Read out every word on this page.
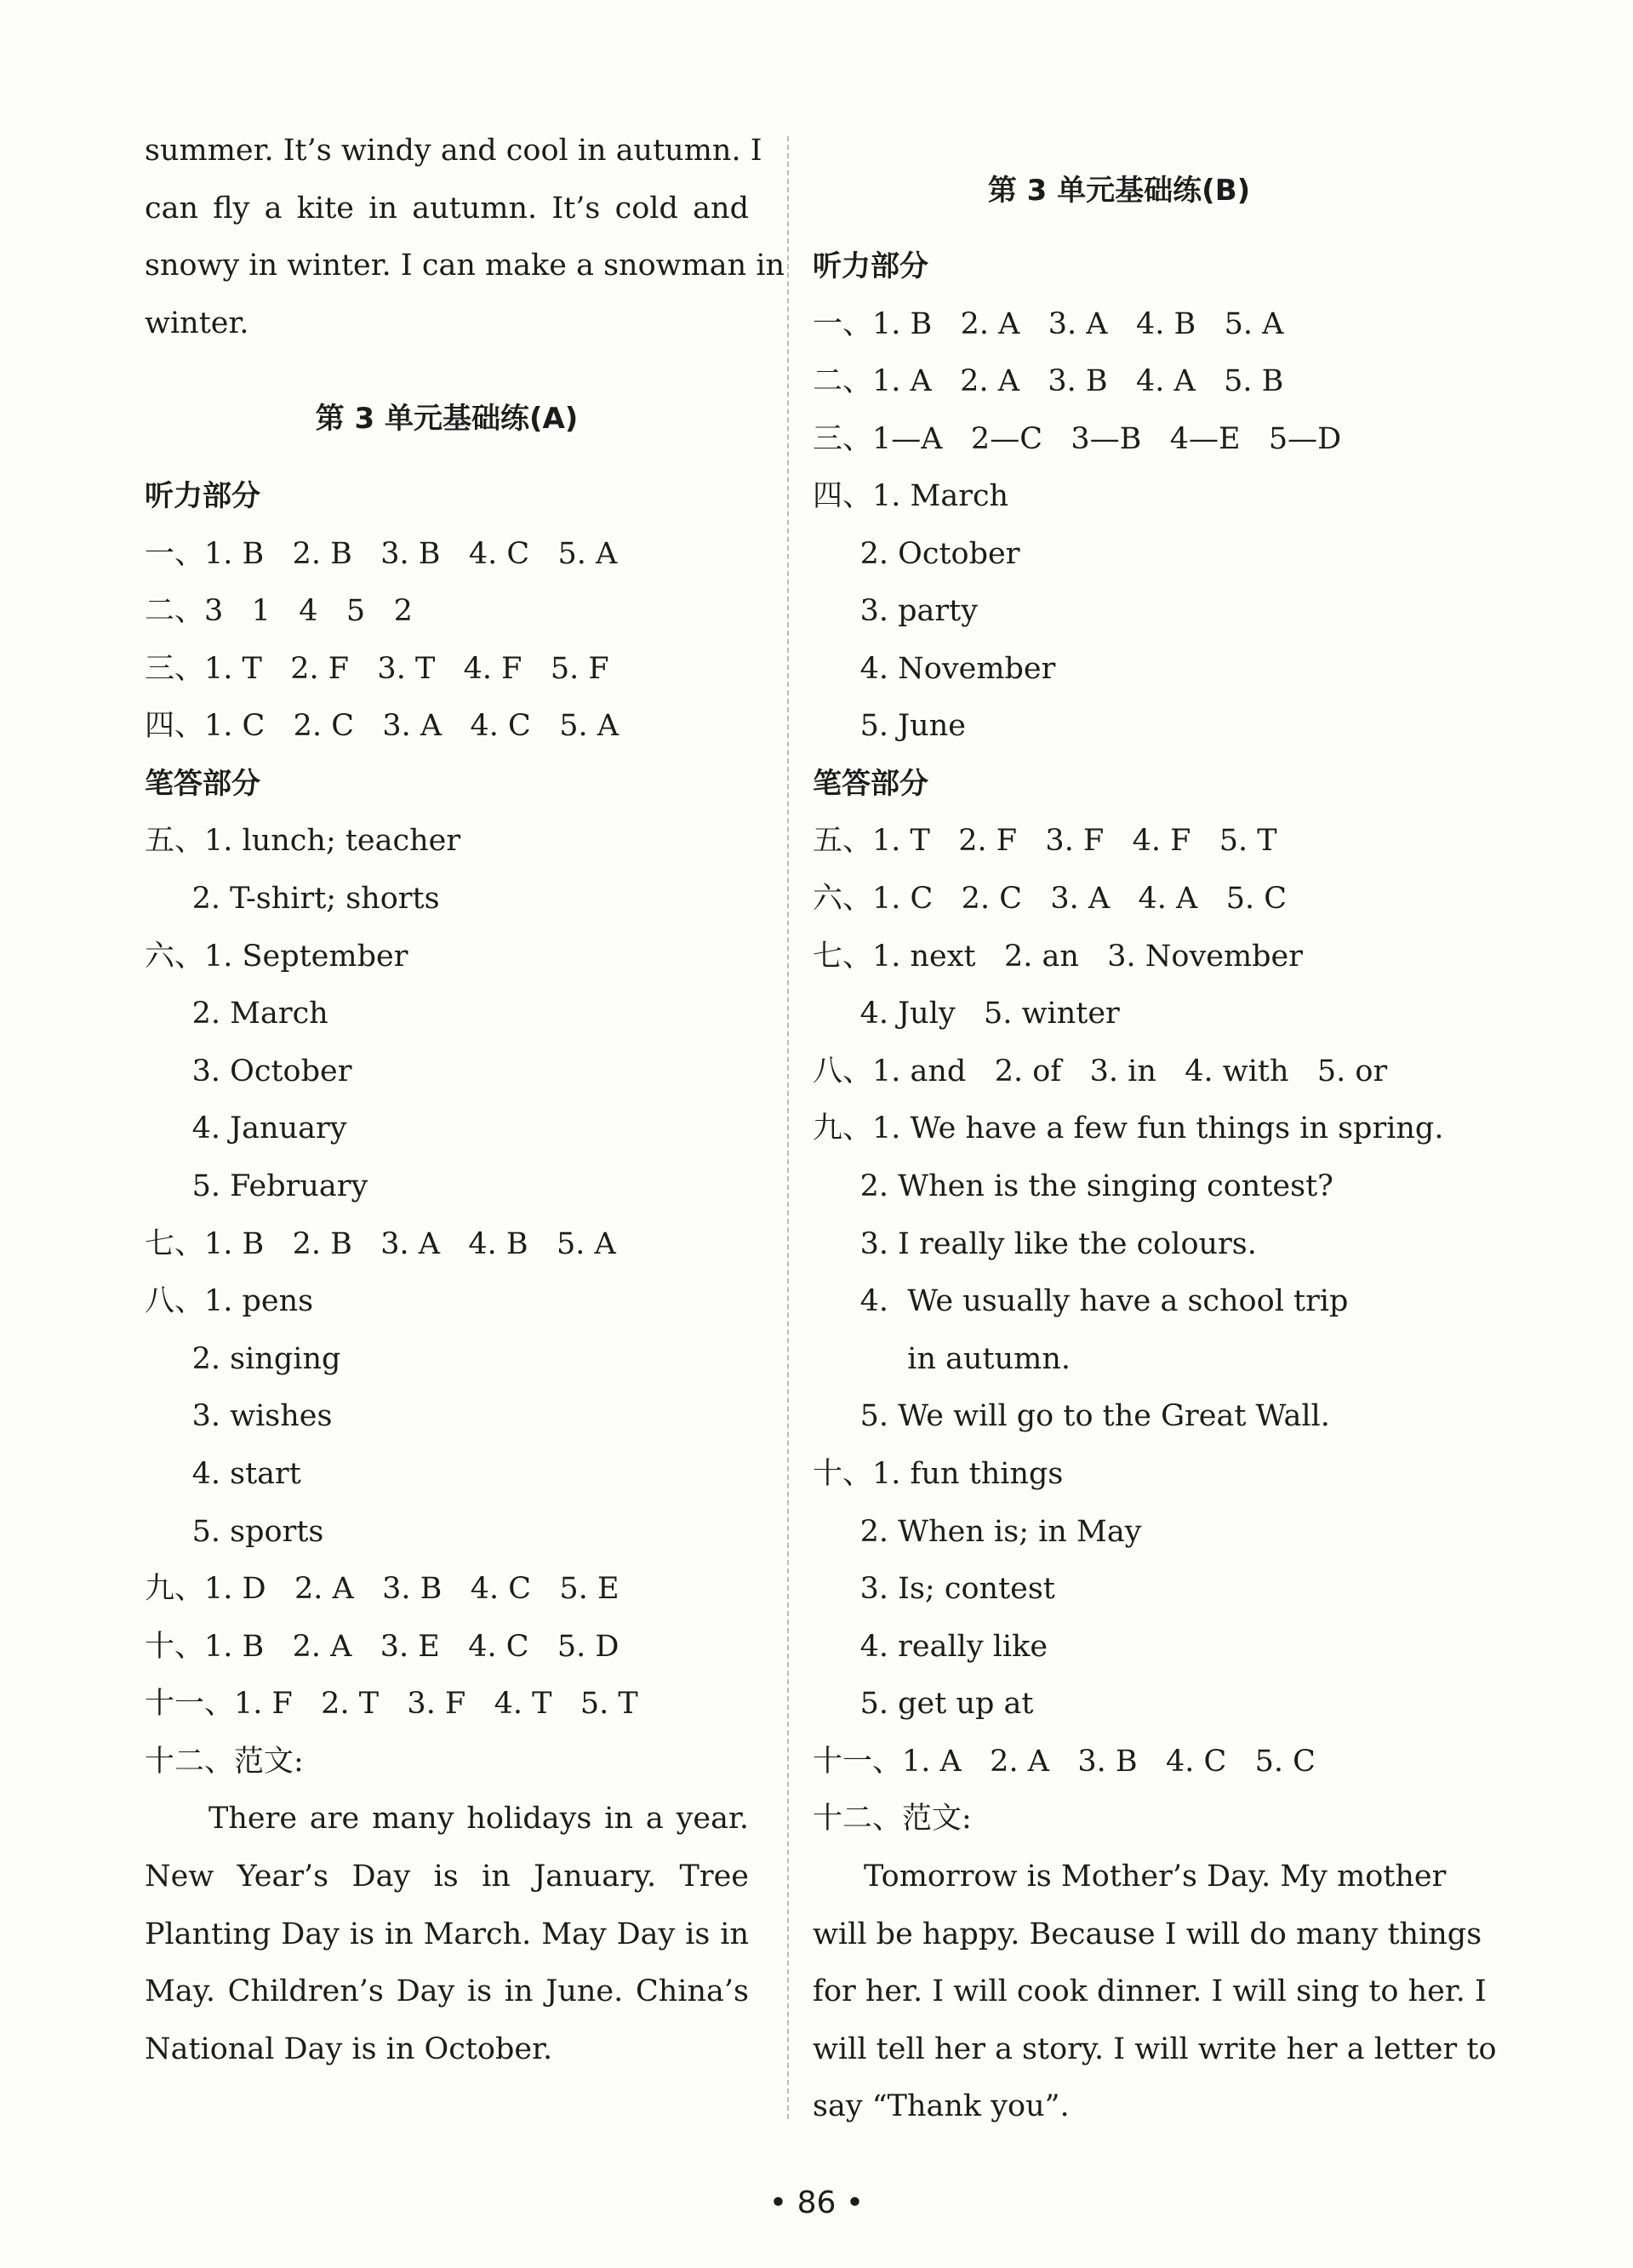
summer. It’s windy and cool in autumn. I
can fly a kite in autumn. It’s cold and
snowy in winter. I can make a snowman in
winter.
第 3 单元基础练(A)
听力部分
一、1. B   2. B   3. B   4. C   5. A
二、3   1   4   5   2
三、1. T   2. F   3. T   4. F   5. F
四、1. C   2. C   3. A   4. C   5. A
笔答部分
五、1. lunch; teacher
2. T-shirt; shorts
六、1. September
2. March
3. October
4. January
5. February
七、1. B   2. B   3. A   4. B   5. A
八、1. pens
2. singing
3. wishes
4. start
5. sports
九、1. D   2. A   3. B   4. C   5. E
十、1. B   2. A   3. E   4. C   5. D
十一、1. F   2. T   3. F   4. T   5. T
十二、范文:
There are many holidays in a year.
New Year’s Day is in January. Tree
Planting Day is in March. May Day is in
May. Children’s Day is in June. China’s
National Day is in October.
第 3 单元基础练(B)
听力部分
一、1. B   2. A   3. A   4. B   5. A
二、1. A   2. A   3. B   4. A   5. B
三、1—A   2—C   3—B   4—E   5—D
四、1. March
2. October
3. party
4. November
5. June
笔答部分
五、1. T   2. F   3. F   4. F   5. T
六、1. C   2. C   3. A   4. A   5. C
七、1. next   2. an   3. November
4. July   5. winter
八、1. and   2. of   3. in   4. with   5. or
九、1. We have a few fun things in spring.
2. When is the singing contest?
3. I really like the colours.
4.  We usually have a school trip
in autumn.
5. We will go to the Great Wall.
十、1. fun things
2. When is; in May
3. Is; contest
4. really like
5. get up at
十一、1. A   2. A   3. B   4. C   5. C
十二、范文:
Tomorrow is Mother’s Day. My mother
will be happy. Because I will do many things
for her. I will cook dinner. I will sing to her. I
will tell her a story. I will write her a letter to
say “Thank you”.
• 86 •
